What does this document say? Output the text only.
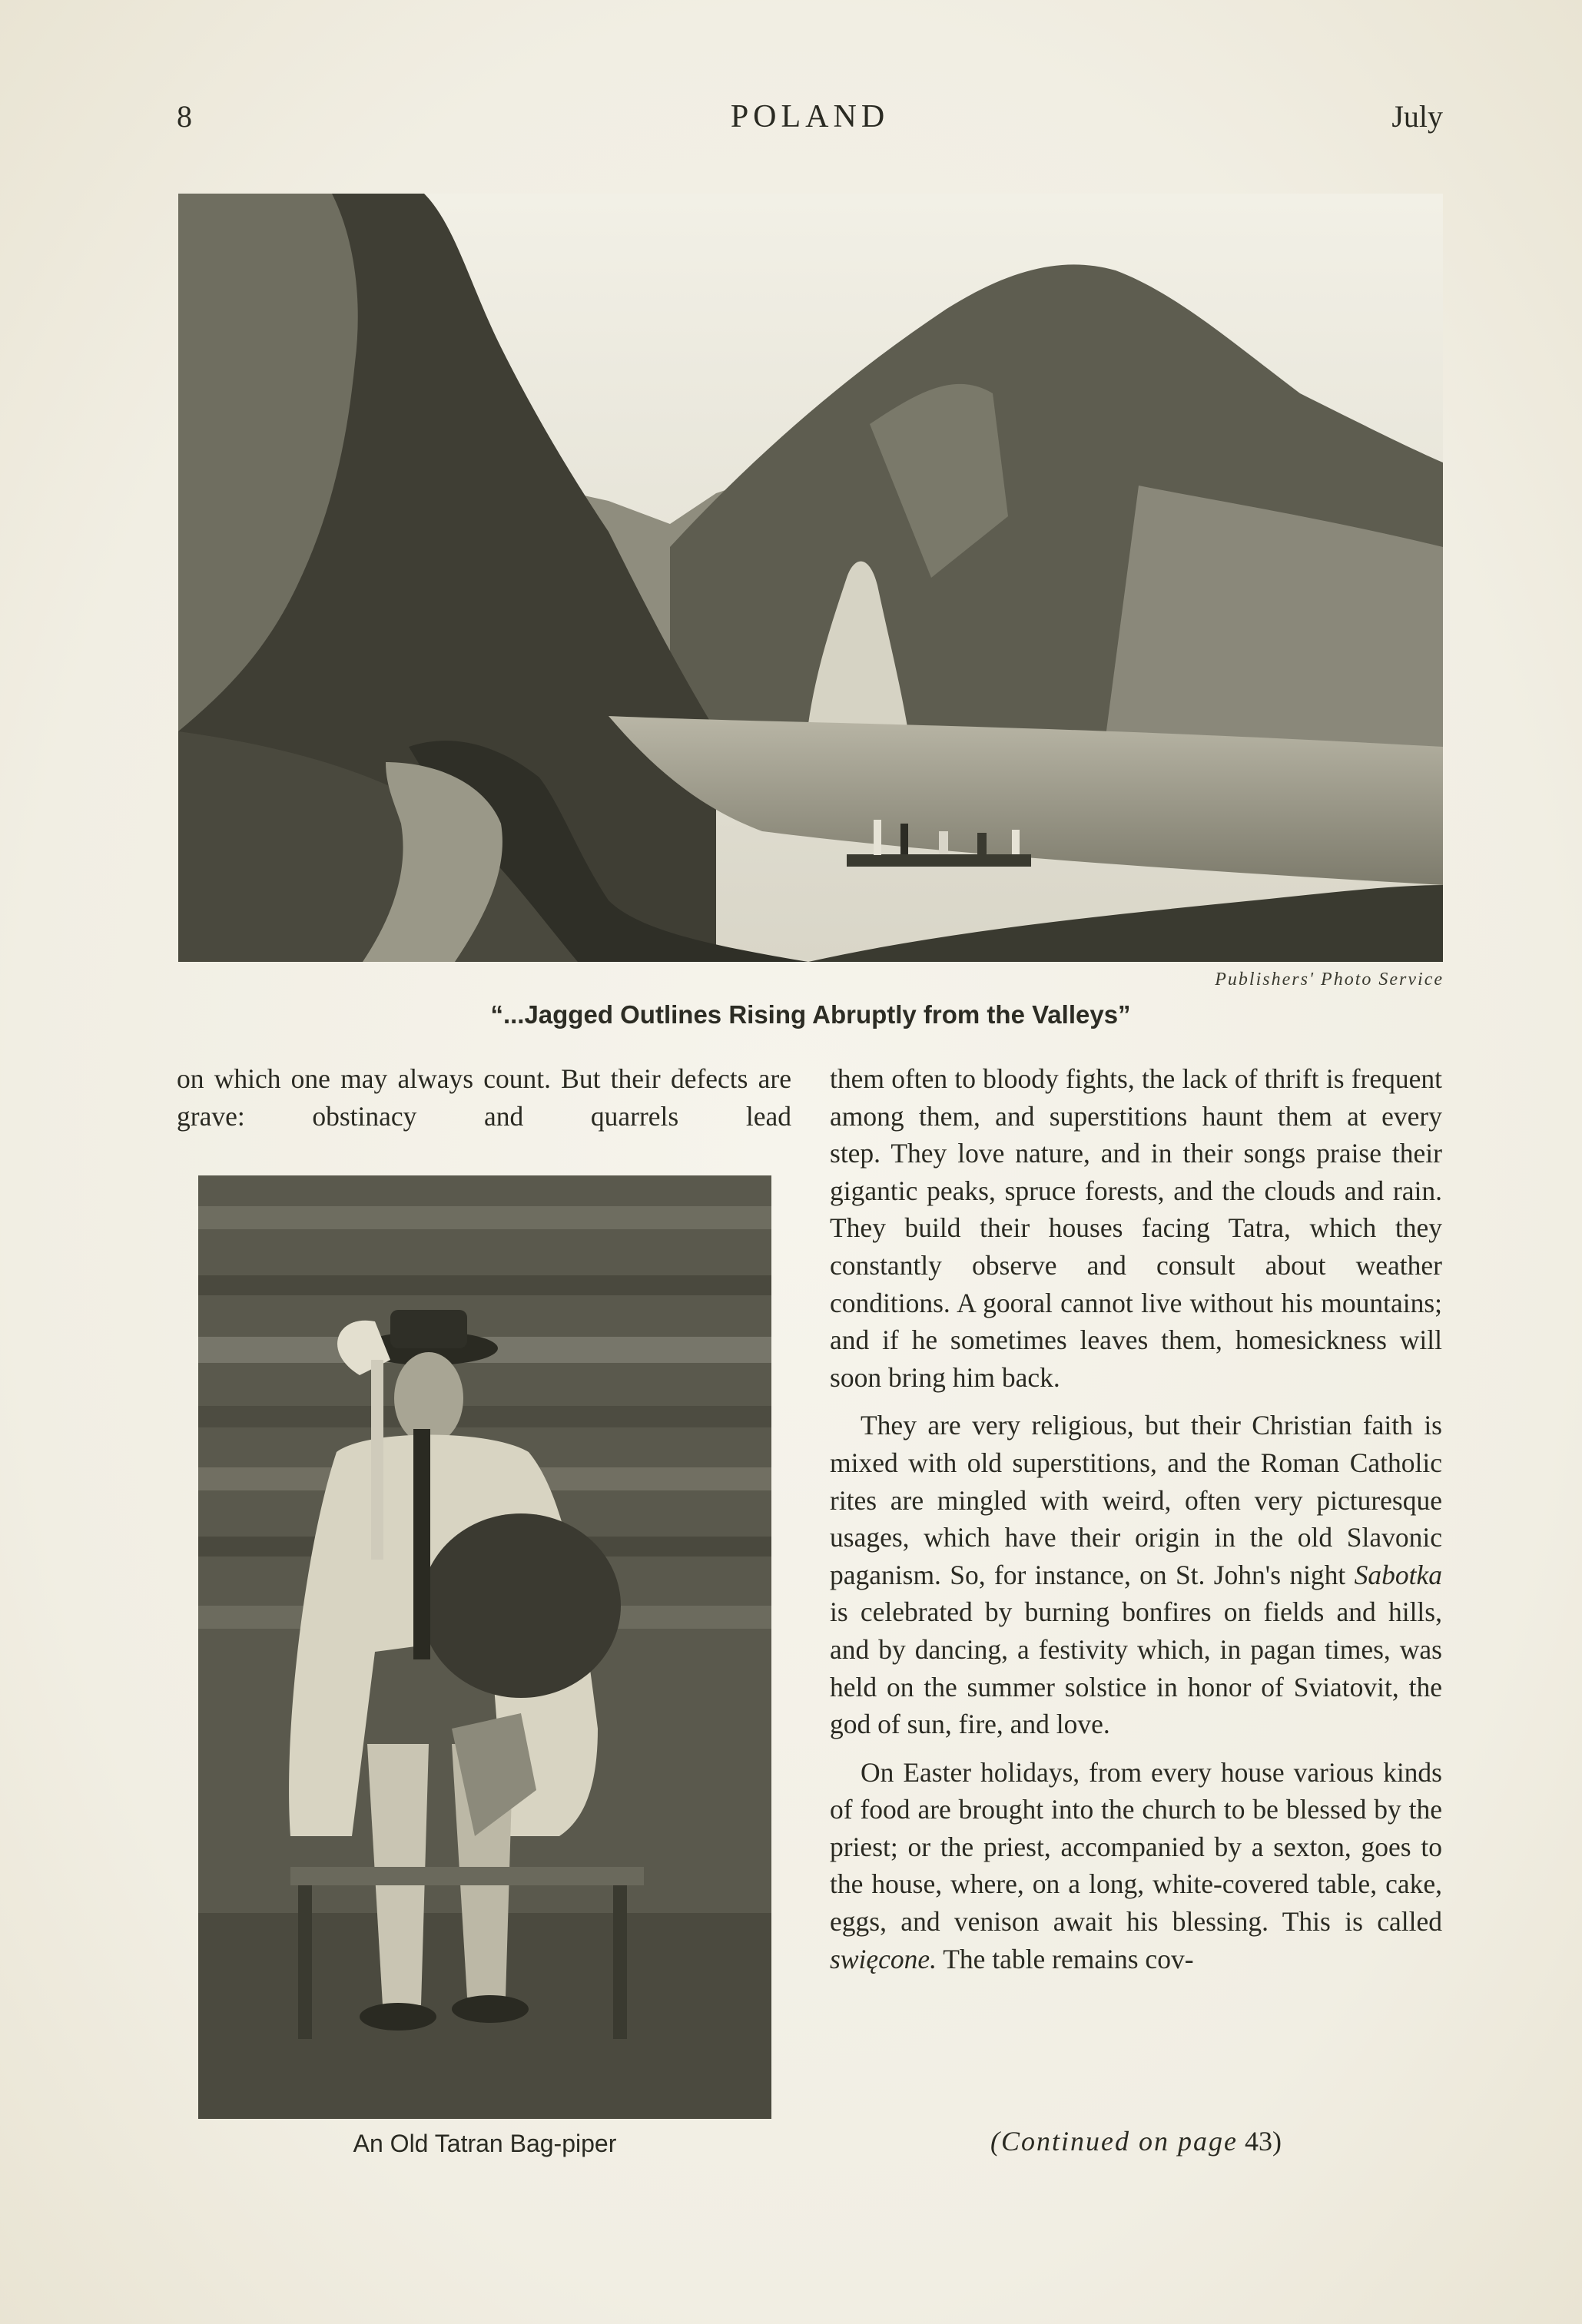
8	POLAND	July
Publishers' Photo Service
“...Jagged Outlines Rising Abruptly from the Valleys”

on which one may always count. But their defects are grave: obstinacy and quarrels lead

An Old Tatran Bag-piper

them often to bloody fights, the lack of thrift is frequent among them, and superstitions haunt them at every step. They love nature, and in their songs praise their gigantic peaks, spruce forests, and the clouds and rain. They build their houses facing Tatra, which they constantly observe and consult about weather conditions. A gooral cannot live without his mountains; and if he sometimes leaves them, homesickness will soon bring him back.

They are very religious, but their Christian faith is mixed with old superstitions, and the Roman Catholic rites are mingled with weird, often very picturesque usages, which have their origin in the old Slavonic paganism. So, for instance, on St. John's night Sabotka is celebrated by burning bonfires on fields and hills, and by dancing, a festivity which, in pagan times, was held on the summer solstice in honor of Sviatovit, the god of sun, fire, and love.

On Easter holidays, from every house various kinds of food are brought into the church to be blessed by the priest; or the priest, accompanied by a sexton, goes to the house, where, on a long, white-covered table, cake, eggs, and venison await his blessing. This is called swięcone. The table remains cov-

(Continued on page 43)
